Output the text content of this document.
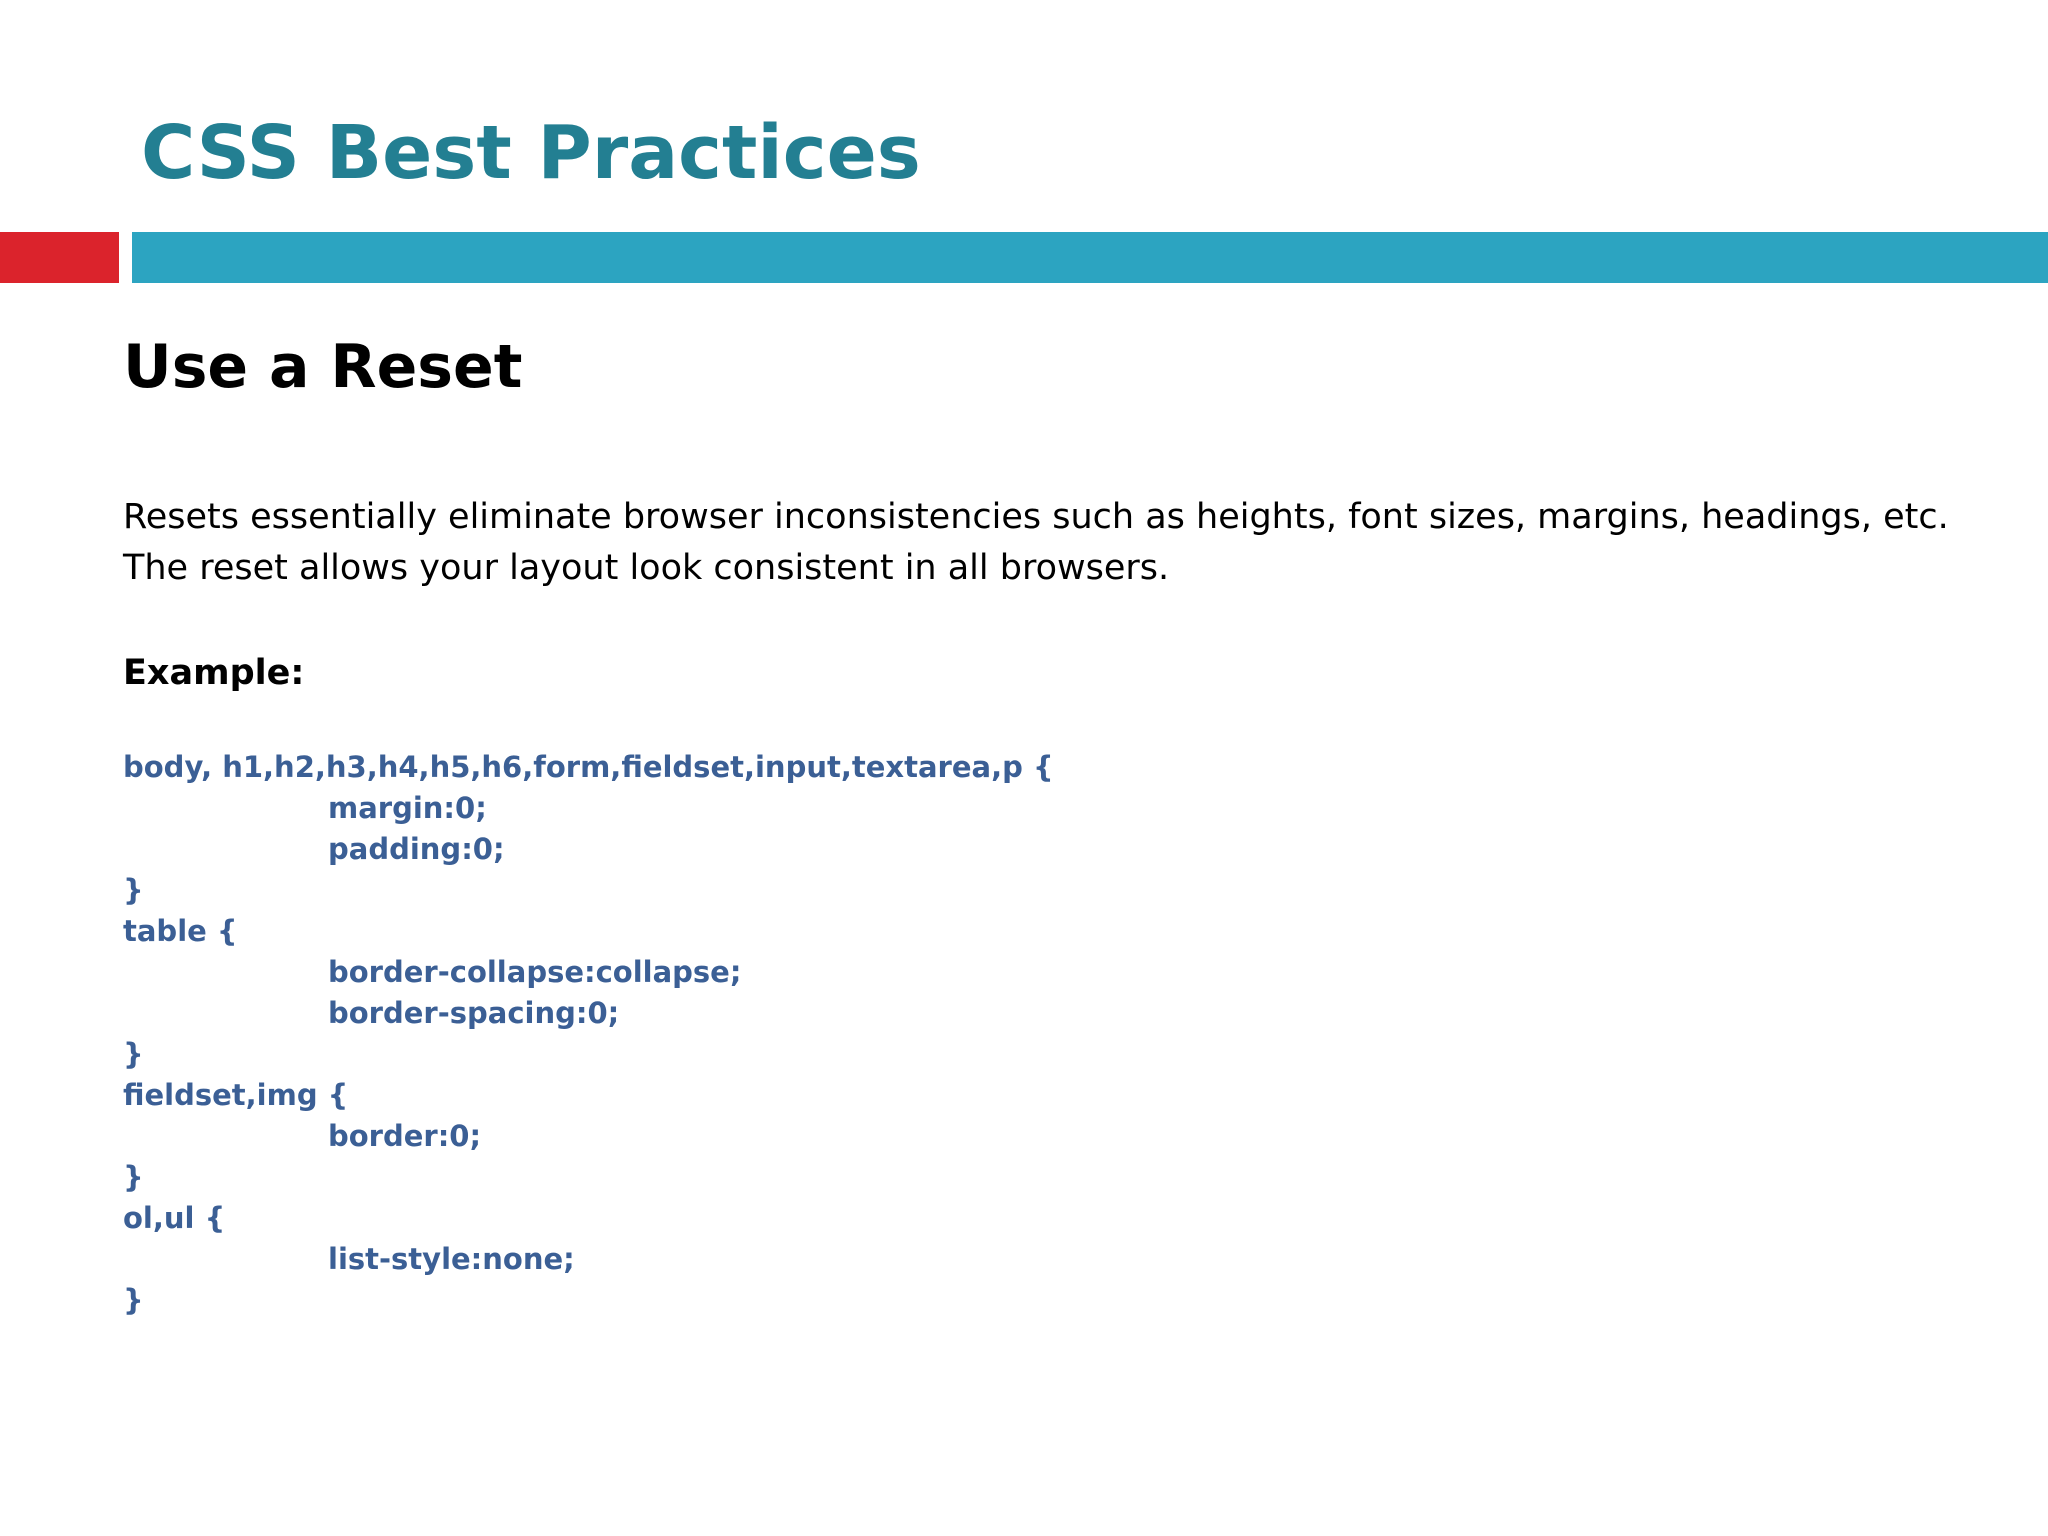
CSS Best Practices
Use a Reset

Resets essentially eliminate browser inconsistencies such as heights, font sizes, margins, headings, etc. The reset allows your layout look consistent in all browsers.

Example:

body, h1,h2,h3,h4,h5,h6,form,fieldset,input,textarea,p {
margin:0;
padding:0;
}
table {
border-collapse:collapse;
border-spacing:0;
}
fieldset,img {
border:0;
}
ol,ul {
list-style:none;
}
